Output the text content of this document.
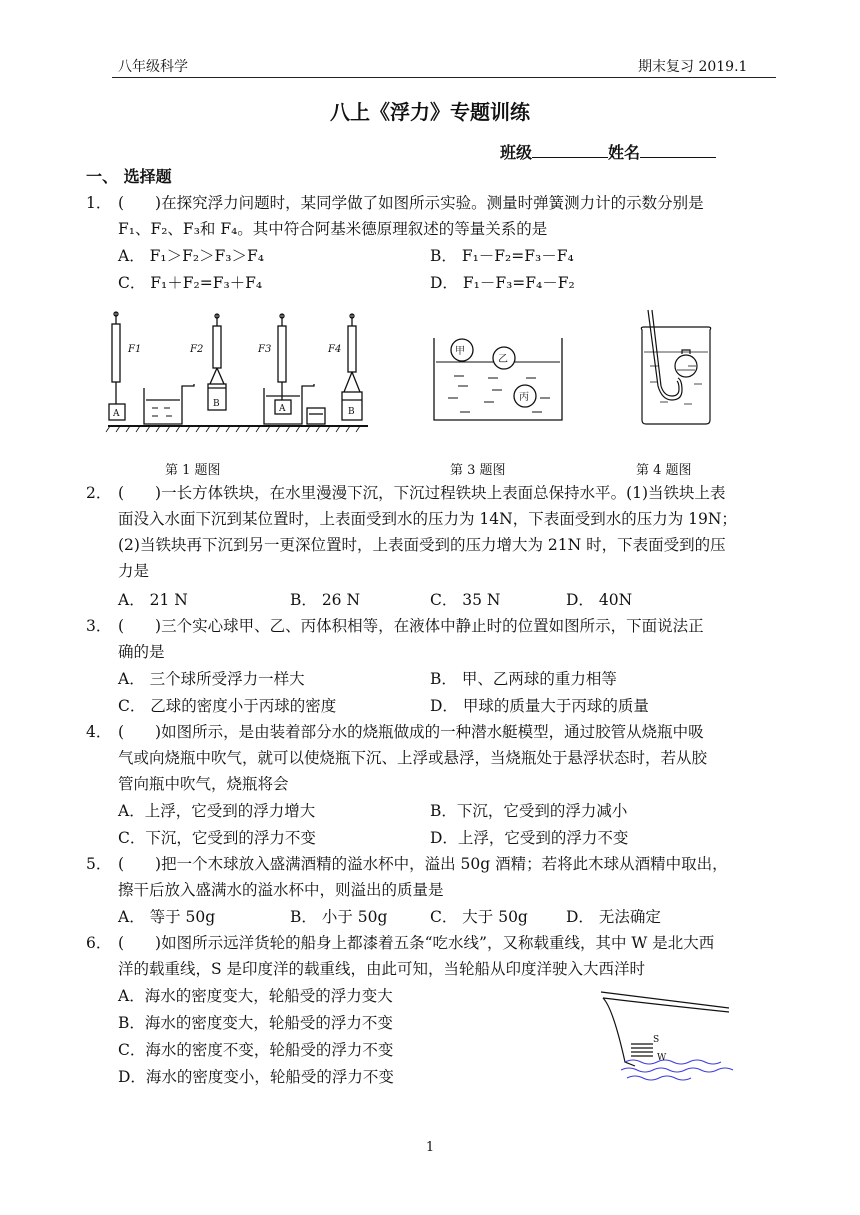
八年级科学	期末复习 2019.1
八上《浮力》专题训练
班级	姓名
一、 选择题
1． (　　)在探究浮力问题时，某同学做了如图所示实验。测量时弹簧测力计的示数分别是
F₁、F₂、F₃和 F₄。其中符合阿基米德原理叙述的等量关系的是
A． F₁＞F₂＞F₃＞F₄	B． F₁－F₂=F₃－F₄
C． F₁＋F₂=F₃＋F₄	D． F₁－F₃=F₄－F₂
F1	F2	F3	F4
A
B	A	B
甲
乙
丙
第 1 题图	第 3 题图	第 4 题图
2． (　　)一长方体铁块，在水里漫漫下沉，下沉过程铁块上表面总保持水平。(1)当铁块上表
面没入水面下沉到某位置时，上表面受到水的压力为 14N，下表面受到水的压力为 19N；
(2)当铁块再下沉到另一更深位置时，上表面受到的压力增大为 21N 时，下表面受到的压
力是
A． 21 N	B． 26 N	C． 35 N	D． 40N
3． (　　)三个实心球甲、乙、丙体积相等，在液体中静止时的位置如图所示，下面说法正
确的是
A． 三个球所受浮力一样大	B． 甲、乙两球的重力相等
C． 乙球的密度小于丙球的密度	D． 甲球的质量大于丙球的质量
4． (　　)如图所示，是由装着部分水的烧瓶做成的一种潜水艇模型，通过胶管从烧瓶中吸
气或向烧瓶中吹气，就可以使烧瓶下沉、上浮或悬浮，当烧瓶处于悬浮状态时，若从胶
管向瓶中吹气，烧瓶将会
A．上浮，它受到的浮力增大	B．下沉，它受到的浮力减小
C．下沉，它受到的浮力不变	D．上浮，它受到的浮力不变
5． (　　)把一个木球放入盛满酒精的溢水杯中，溢出 50g 酒精；若将此木球从酒精中取出，
擦干后放入盛满水的溢水杯中，则溢出的质量是
A． 等于 50g	B． 小于 50g	C． 大于 50g D． 无法确定
6． (　　)如图所示远洋货轮的船身上都漆着五条“吃水线”，又称载重线，其中 W 是北大西
洋的载重线，S 是印度洋的载重线，由此可知，当轮船从印度洋驶入大西洋时
A．海水的密度变大，轮船受的浮力变大
B．海水的密度变大，轮船受的浮力不变
C．海水的密度不变，轮船受的浮力不变
D．海水的密度变小，轮船受的浮力不变
S
W
1
